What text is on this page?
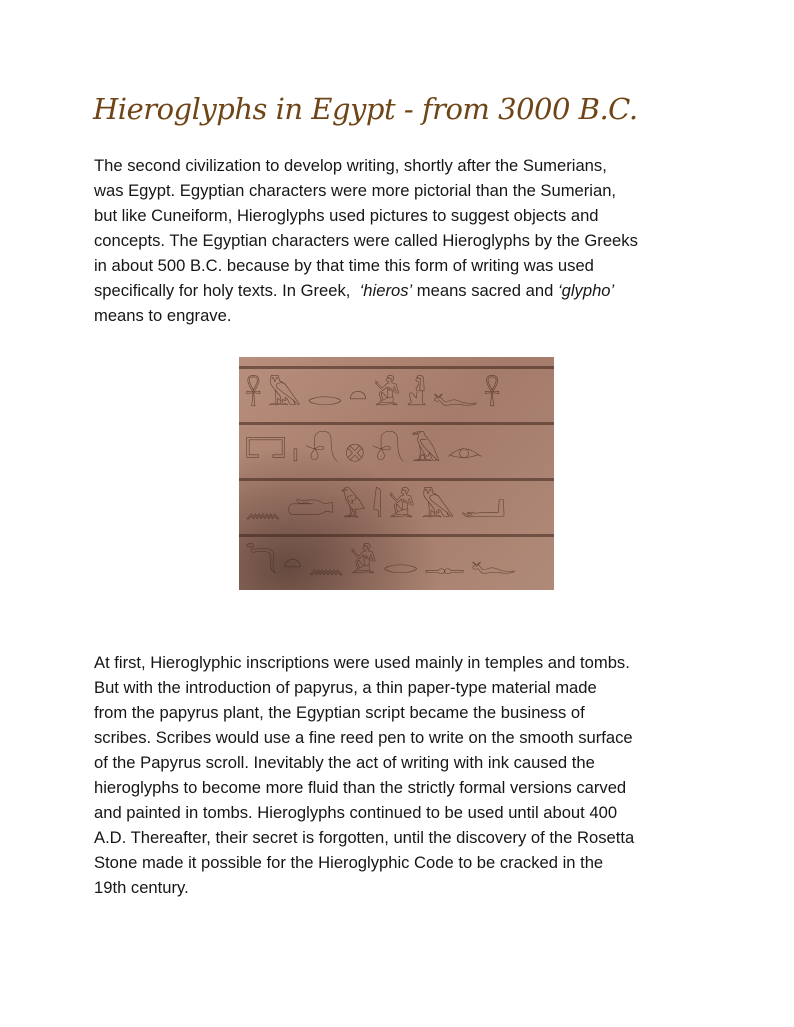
Hieroglyphs in Egypt - from 3000 B.C.
The second civilization to develop writing, shortly after the Sumerians,
was Egypt. Egyptian characters were more pictorial than the Sumerian,
but like Cuneiform, Hieroglyphs used pictures to suggest objects and
concepts. The Egyptian characters were called Hieroglyphs by the Greeks
in about 500 B.C. because by that time this form of writing was used
specifically for holy texts. In Greek,  ‘hieros’ means sacred and ‘glypho’
means to engrave.
𓋹𓅓𓂋𓏏𓀀𓁐𓆑𓋹
𓉐𓏤𓍯𓊖𓍯𓄿𓁹
𓈖𓂧𓅱𓇋𓀀𓅓𓂝
𓆓𓏏𓈖𓀀𓂋𓊃𓆑
At first, Hieroglyphic inscriptions were used mainly in temples and tombs.
But with the introduction of papyrus, a thin paper-type material made
from the papyrus plant, the Egyptian script became the business of
scribes. Scribes would use a fine reed pen to write on the smooth surface
of the Papyrus scroll. Inevitably the act of writing with ink caused the
hieroglyphs to become more fluid than the strictly formal versions carved
and painted in tombs. Hieroglyphs continued to be used until about 400
A.D. Thereafter, their secret is forgotten, until the discovery of the Rosetta
Stone made it possible for the Hieroglyphic Code to be cracked in the
19th century.
